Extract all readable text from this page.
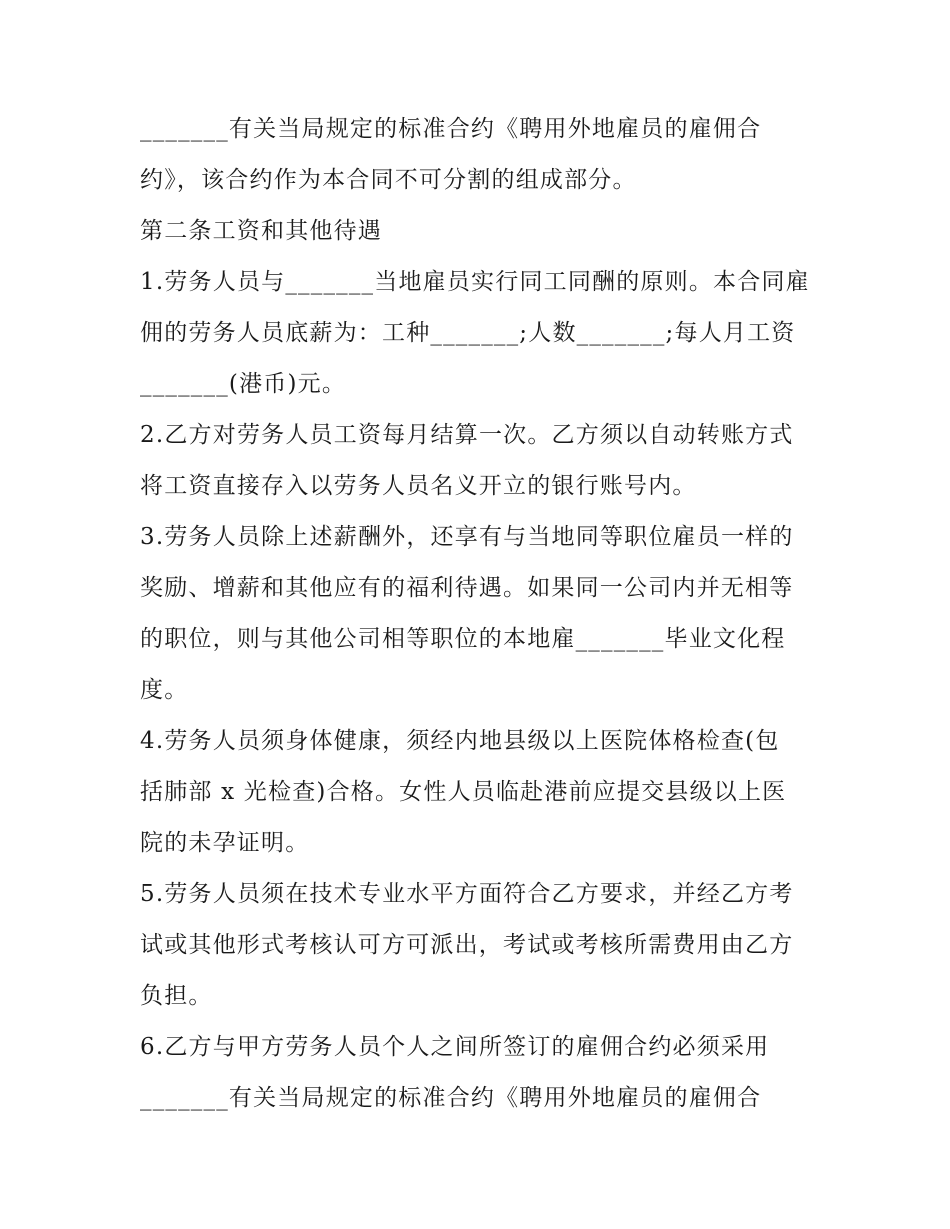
_______有关当局规定的标准合约《聘用外地雇员的雇佣合
约》，该合约作为本合同不可分割的组成部分。
第二条工资和其他待遇
1.劳务人员与_______当地雇员实行同工同酬的原则。本合同雇
佣的劳务人员底薪为：工种_______;人数_______;每人月工资
_______(港币)元。
2.乙方对劳务人员工资每月结算一次。乙方须以自动转账方式
将工资直接存入以劳务人员名义开立的银行账号内。
3.劳务人员除上述薪酬外，还享有与当地同等职位雇员一样的
奖励、增薪和其他应有的福利待遇。如果同一公司内并无相等
的职位，则与其他公司相等职位的本地雇_______毕业文化程
度。
4.劳务人员须身体健康，须经内地县级以上医院体格检查(包
括肺部 x 光检查)合格。女性人员临赴港前应提交县级以上医
院的未孕证明。
5.劳务人员须在技术专业水平方面符合乙方要求，并经乙方考
试或其他形式考核认可方可派出，考试或考核所需费用由乙方
负担。
6.乙方与甲方劳务人员个人之间所签订的雇佣合约必须采用
_______有关当局规定的标准合约《聘用外地雇员的雇佣合
